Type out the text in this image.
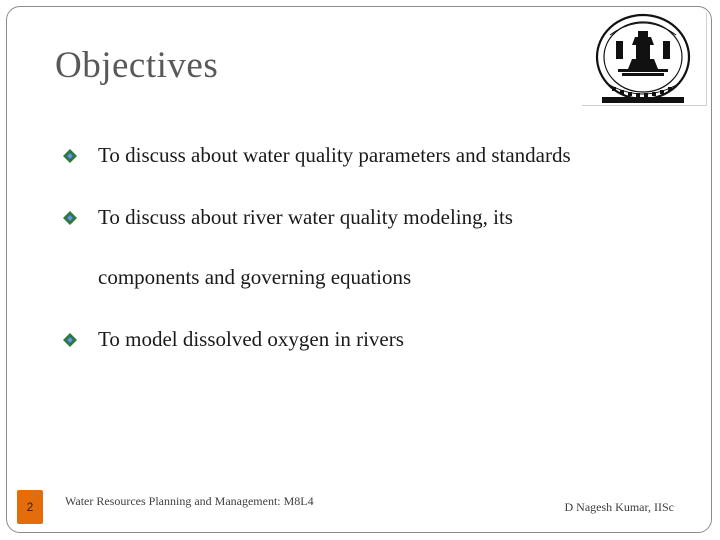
Objectives
To discuss about water quality parameters and standards
To discuss about river water quality modeling, its
components and governing equations
To model dissolved oxygen in rivers
2	Water Resources Planning and Management: M8L4	D Nagesh Kumar, IISc
